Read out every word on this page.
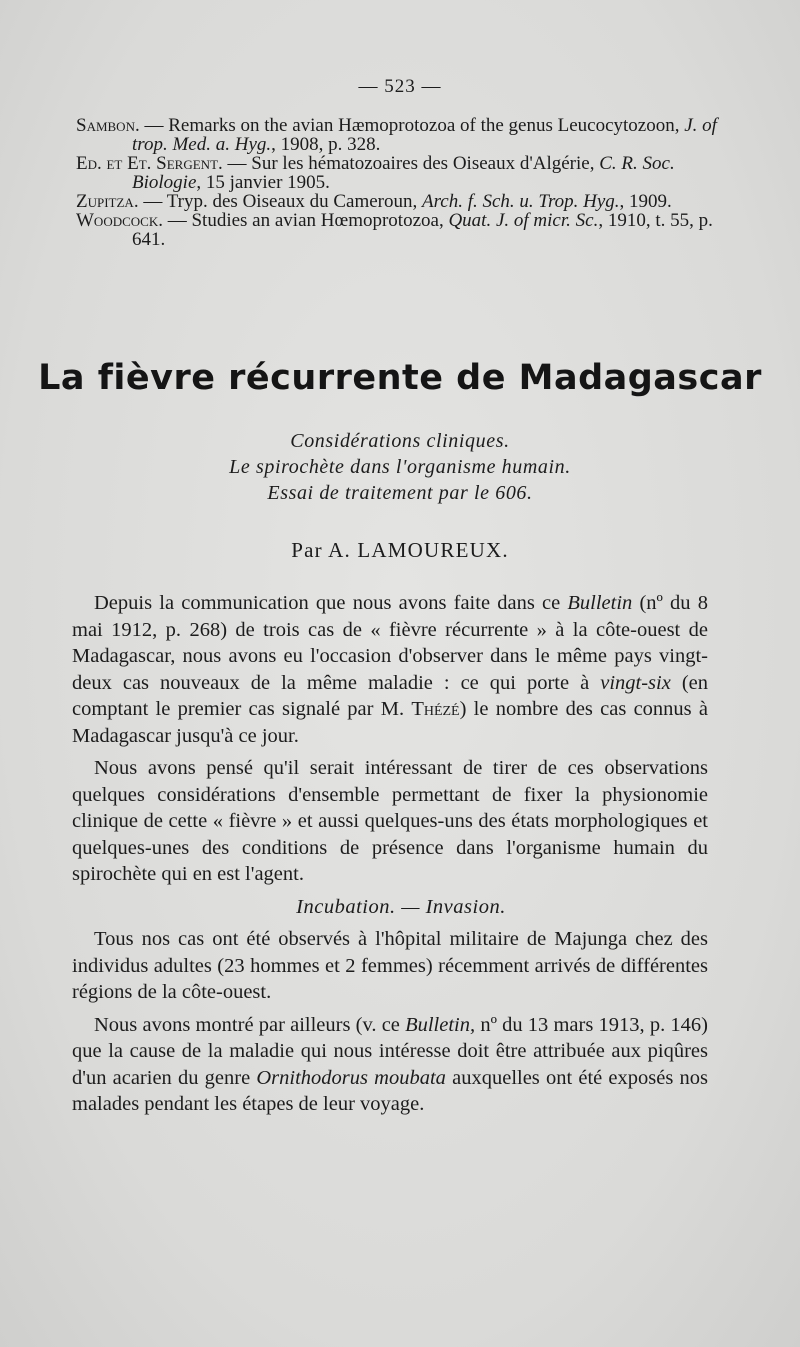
— 523 —

Sambon. — Remarks on the avian Hæmoprotozoa of the genus Leucocytozoon, J. of trop. Med. a. Hyg., 1908, p. 328.

Ed. et Et. Sergent. — Sur les hématozoaires des Oiseaux d'Algérie, C. R. Soc. Biologie, 15 janvier 1905.

Zupitza. — Tryp. des Oiseaux du Cameroun, Arch. f. Sch. u. Trop. Hyg., 1909.

Woodcock. — Studies an avian Hœmoprotozoa, Quat. J. of micr. Sc., 1910, t. 55, p. 641.

La fièvre récurrente de Madagascar
Considérations cliniques.
Le spirochète dans l'organisme humain.
Essai de traitement par le 606.
Par A. LAMOUREUX.

Depuis la communication que nous avons faite dans ce Bulletin (nº du 8 mai 1912, p. 268) de trois cas de « fièvre récurrente » à la côte-ouest de Madagascar, nous avons eu l'occasion d'observer dans le même pays vingt-deux cas nouveaux de la même maladie : ce qui porte à vingt-six (en comptant le premier cas signalé par M. Thézé) le nombre des cas connus à Madagascar jusqu'à ce jour.

Nous avons pensé qu'il serait intéressant de tirer de ces observations quelques considérations d'ensemble permettant de fixer la physionomie clinique de cette « fièvre » et aussi quelques-uns des états morphologiques et quelques-unes des conditions de présence dans l'organisme humain du spirochète qui en est l'agent.

Incubation. — Invasion.

Tous nos cas ont été observés à l'hôpital militaire de Majunga chez des individus adultes (23 hommes et 2 femmes) récemment arrivés de différentes régions de la côte-ouest.

Nous avons montré par ailleurs (v. ce Bulletin, nº du 13 mars 1913, p. 146) que la cause de la maladie qui nous intéresse doit être attribuée aux piqûres d'un acarien du genre Ornithodorus moubata auxquelles ont été exposés nos malades pendant les étapes de leur voyage.
